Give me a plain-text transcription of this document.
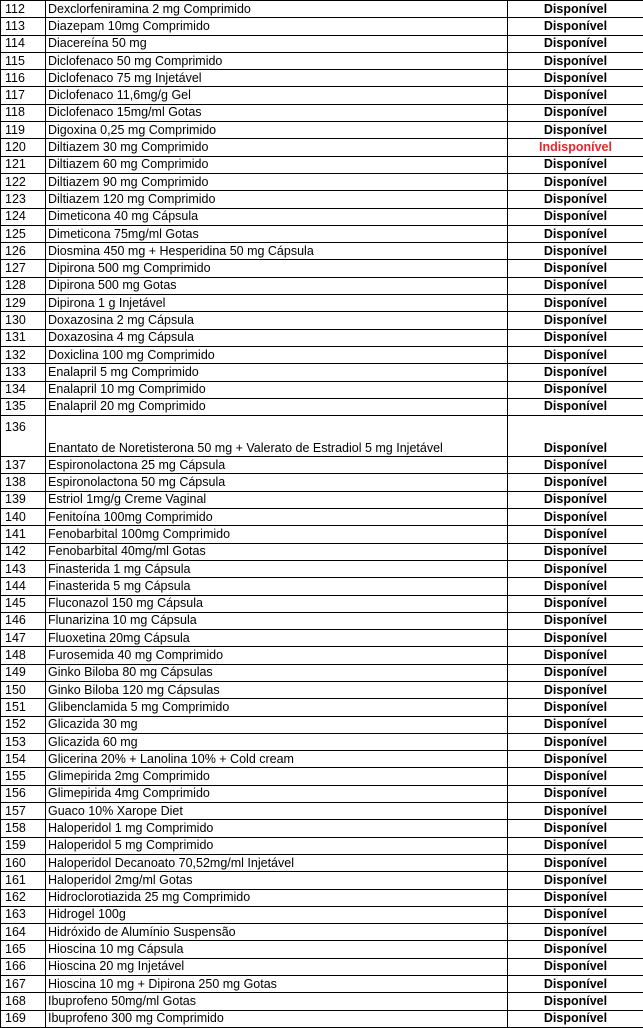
112	Dexclorfeniramina 2 mg Comprimido	Disponível
113	Diazepam 10mg Comprimido	Disponível
114	Diacereína 50 mg	Disponível
115	Diclofenaco 50 mg Comprimido	Disponível
116	Diclofenaco 75 mg Injetável	Disponível
117	Diclofenaco 11,6mg/g Gel	Disponível
118	Diclofenaco 15mg/ml Gotas	Disponível
119	Digoxina 0,25 mg Comprimido	Disponível
120	Diltiazem 30 mg Comprimido	Indisponível
121	Diltiazem 60 mg Comprimido	Disponível
122	Diltiazem 90 mg Comprimido	Disponível
123	Diltiazem 120 mg Comprimido	Disponível
124	Dimeticona 40 mg Cápsula	Disponível
125	Dimeticona 75mg/ml Gotas	Disponível
126	Diosmina 450 mg + Hesperidina 50 mg Cápsula	Disponível
127	Dipirona 500 mg Comprimido	Disponível
128	Dipirona 500 mg Gotas	Disponível
129	Dipirona 1 g Injetável	Disponível
130	Doxazosina 2 mg Cápsula	Disponível
131	Doxazosina 4 mg Cápsula	Disponível
132	Doxiclina 100 mg Comprimido	Disponível
133	Enalapril 5 mg Comprimido	Disponível
134	Enalapril 10 mg Comprimido	Disponível
135	Enalapril 20 mg Comprimido	Disponível
136	Enantato de Noretisterona 50 mg + Valerato de Estradiol 5 mg Injetável	Disponível
137	Espironolactona 25 mg Cápsula	Disponível
138	Espironolactona 50 mg Cápsula	Disponível
139	Estriol 1mg/g Creme Vaginal	Disponível
140	Fenitoína 100mg Comprimido	Disponível
141	Fenobarbital 100mg Comprimido	Disponível
142	Fenobarbital 40mg/ml Gotas	Disponível
143	Finasterida 1 mg Cápsula	Disponível
144	Finasterida 5 mg Cápsula	Disponível
145	Fluconazol 150 mg Cápsula	Disponível
146	Flunarizina 10 mg Cápsula	Disponível
147	Fluoxetina 20mg Cápsula	Disponível
148	Furosemida 40 mg Comprimido	Disponível
149	Ginko Biloba 80 mg Cápsulas	Disponível
150	Ginko Biloba 120 mg Cápsulas	Disponível
151	Glibenclamida 5 mg Comprimido	Disponível
152	Glicazida 30 mg	Disponível
153	Glicazida 60 mg	Disponível
154	Glicerina 20% + Lanolina 10% + Cold cream	Disponível
155	Glimepirida 2mg Comprimido	Disponível
156	Glimepirida 4mg Comprimido	Disponível
157	Guaco 10% Xarope Diet	Disponível
158	Haloperidol 1 mg Comprimido	Disponível
159	Haloperidol 5 mg Comprimido	Disponível
160	Haloperidol Decanoato 70,52mg/ml Injetável	Disponível
161	Haloperidol 2mg/ml Gotas	Disponível
162	Hidroclorotiazida 25 mg Comprimido	Disponível
163	Hidrogel 100g	Disponível
164	Hidróxido de Alumínio Suspensão	Disponível
165	Hioscina 10 mg Cápsula	Disponível
166	Hioscina 20 mg Injetável	Disponível
167	Hioscina 10 mg + Dipirona 250 mg Gotas	Disponível
168	Ibuprofeno 50mg/ml Gotas	Disponível
169	Ibuprofeno 300 mg Comprimido	Disponível
